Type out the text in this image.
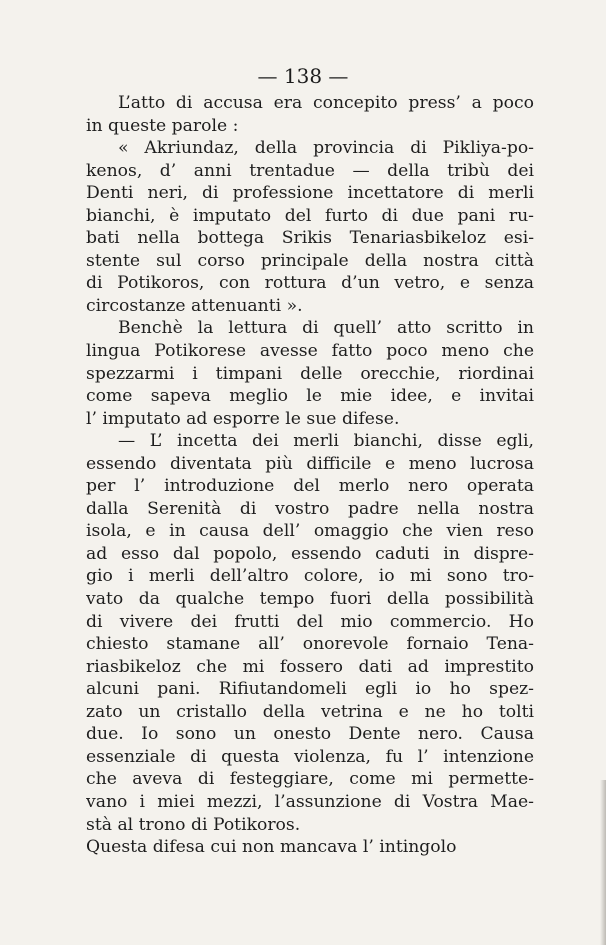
— 138 —

L’atto di accusa era concepito press’ a poco
in queste parole :
« Akriundaz, della provincia di Pikliya-po-
kenos, d’ anni trentadue — della tribù dei
Denti neri, di professione incettatore di merli
bianchi, è imputato del furto di due pani ru-
bati nella bottega Srikis Tenariasbikeloz esi-
stente sul corso principale della nostra città
di Potikoros, con rottura d’un vetro, e senza
circostanze attenuanti ».
Benchè la lettura di quell’ atto scritto in
lingua Potikorese avesse fatto poco meno che
spezzarmi i timpani delle orecchie, riordinai
come sapeva meglio le mie idee, e invitai
l’ imputato ad esporre le sue difese.
— L’ incetta dei merli bianchi, disse egli,
essendo diventata più difficile e meno lucrosa
per l’ introduzione del merlo nero operata
dalla Serenità di vostro padre nella nostra
isola, e in causa dell’ omaggio che vien reso
ad esso dal popolo, essendo caduti in dispre-
gio i merli dell’altro colore, io mi sono tro-
vato da qualche tempo fuori della possibilità
di vivere dei frutti del mio commercio. Ho
chiesto stamane all’ onorevole fornaio Tena-
riasbikeloz che mi fossero dati ad imprestito
alcuni pani. Rifiutandomeli egli io ho spez-
zato un cristallo della vetrina e ne ho tolti
due. Io sono un onesto Dente nero. Causa
essenziale di questa violenza, fu l’ intenzione
che aveva di festeggiare, come mi permette-
vano i miei mezzi, l’assunzione di Vostra Mae-
stà al trono di Potikoros.
Questa difesa cui non mancava l’ intingolo
